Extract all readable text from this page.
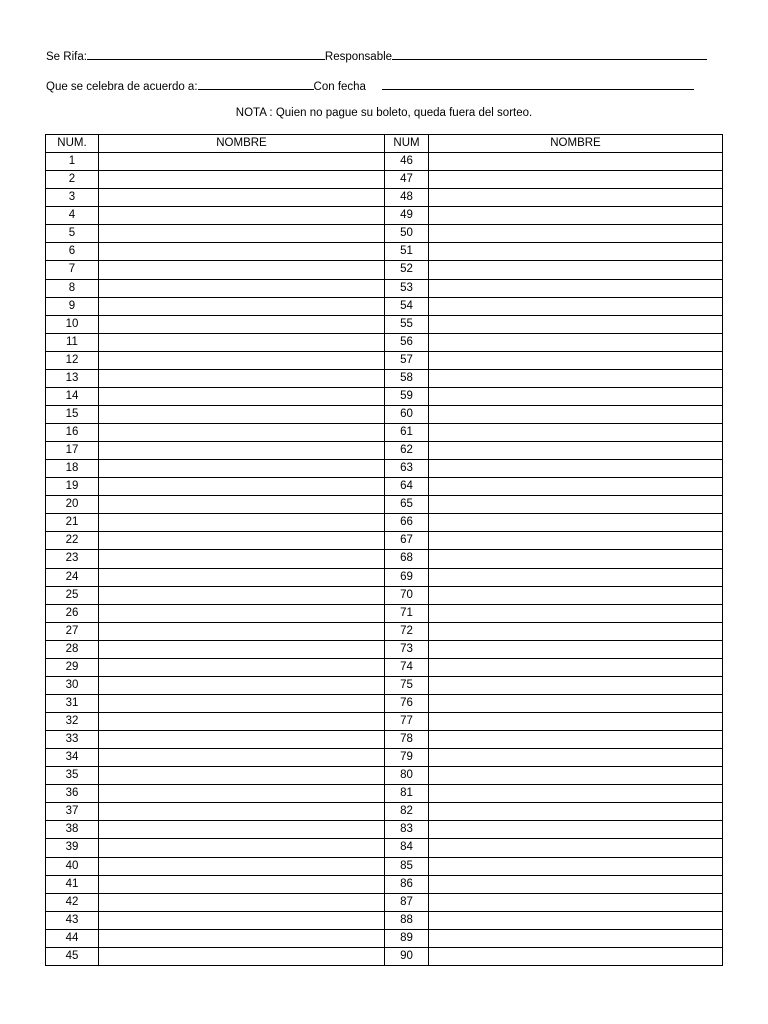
Se Rifa:	Responsable
Que se celebra de acuerdo a:	Con fecha
NOTA : Quien no pague su boleto, queda fuera del sorteo.
NUM.	NOMBRE	NUM	NOMBRE
1		46	
2		47	
3		48	
4		49	
5		50	
6		51	
7		52	
8		53	
9		54	
10		55	
11		56	
12		57	
13		58	
14		59	
15		60	
16		61	
17		62	
18		63	
19		64	
20		65	
21		66	
22		67	
23		68	
24		69	
25		70	
26		71	
27		72	
28		73	
29		74	
30		75	
31		76	
32		77	
33		78	
34		79	
35		80	
36		81	
37		82	
38		83	
39		84	
40		85	
41		86	
42		87	
43		88	
44		89	
45		90	
